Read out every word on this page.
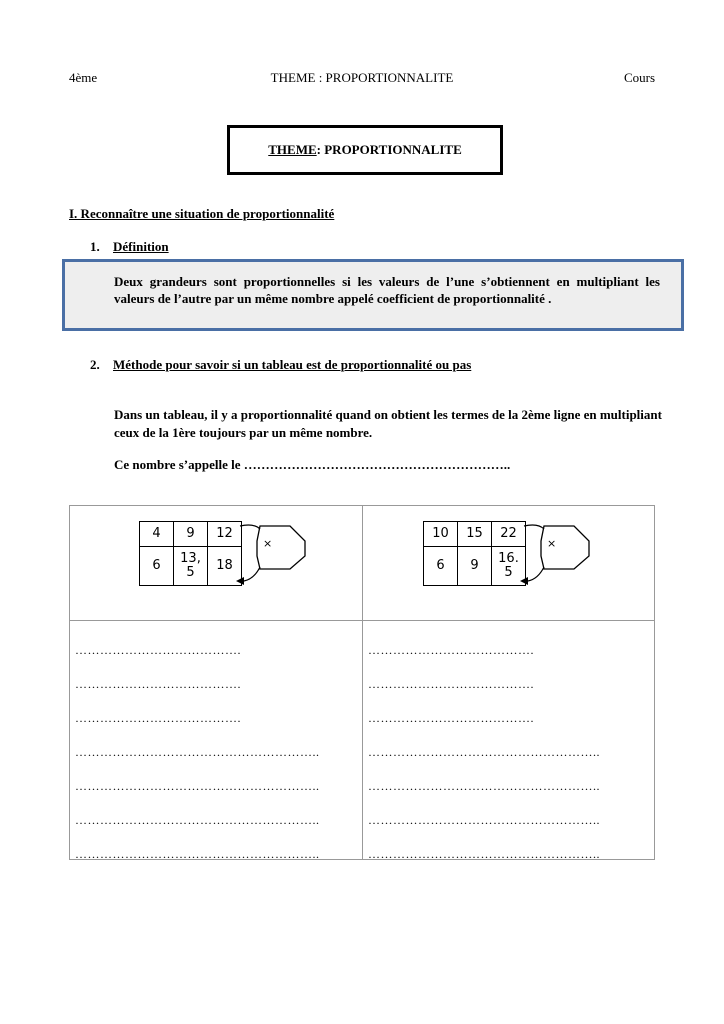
4ème	THEME : PROPORTIONNALITE	Cours
THEME : PROPORTIONNALITE
I. Reconnaître une situation de proportionnalité
1. Définition
Deux grandeurs sont proportionnelles si les valeurs de l’une s’obtiennent en multipliant les valeurs de l’autre par un même nombre appelé coefficient de proportionnalité .
2. Méthode pour savoir si un tableau est de proportionnalité ou pas
Dans un tableau, il y a proportionnalité quand on obtient les termes de la 2ème ligne en multipliant ceux de la 1ère toujours par un même nombre.
Ce nombre s’appelle le ……………………………………………………..
4	9	12
6	13, 5	18
×
10	15	22
6	9	16. 5
×
………………………………….
………………………………….
………………………………….
…………………………………………………..
…………………………………………………..
…………………………………………………..
…………………………………………………..
………………………………….
………………………………….
………………………………….
………………………………………………..
………………………………………………..
………………………………………………..
………………………………………………..
